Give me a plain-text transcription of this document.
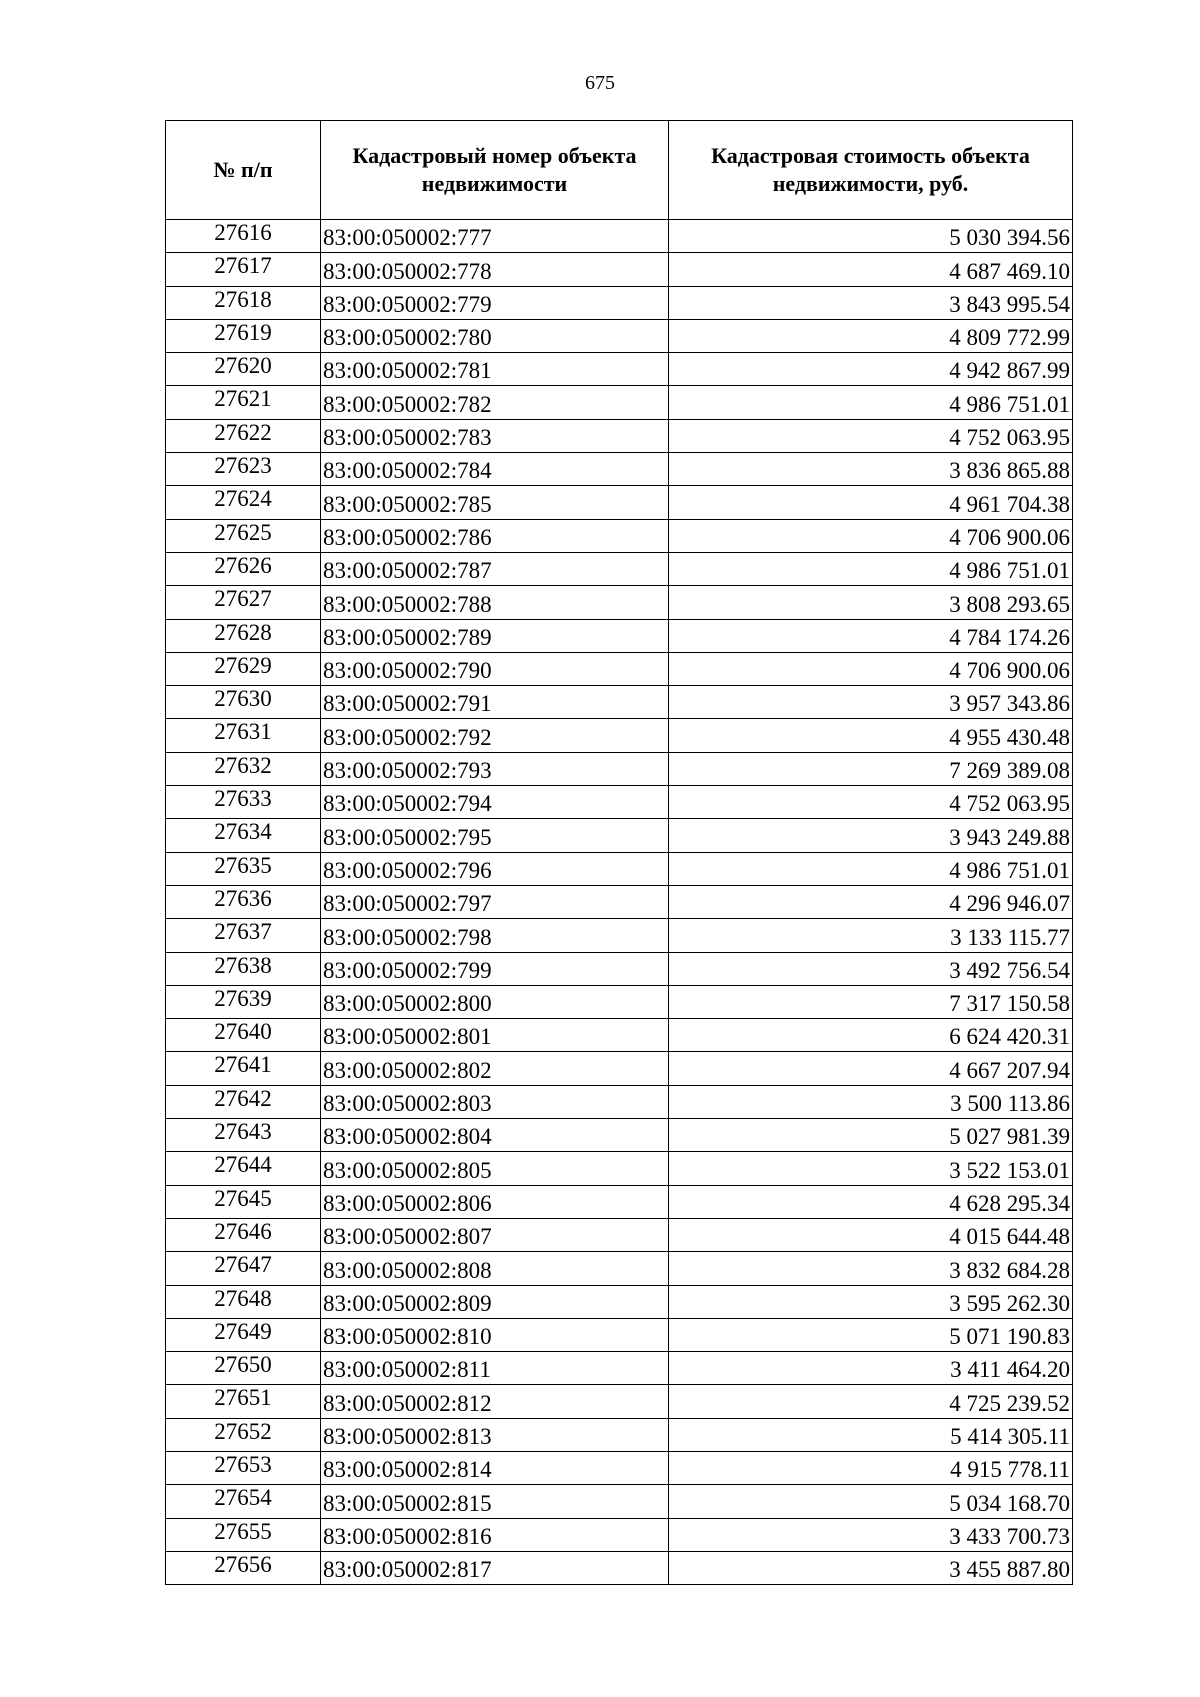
675
№ п/п	Кадастровый номер объекта недвижимости	Кадастровая стоимость объекта недвижимости, руб.
27616	83:00:050002:777	5 030 394.56
27617	83:00:050002:778	4 687 469.10
27618	83:00:050002:779	3 843 995.54
27619	83:00:050002:780	4 809 772.99
27620	83:00:050002:781	4 942 867.99
27621	83:00:050002:782	4 986 751.01
27622	83:00:050002:783	4 752 063.95
27623	83:00:050002:784	3 836 865.88
27624	83:00:050002:785	4 961 704.38
27625	83:00:050002:786	4 706 900.06
27626	83:00:050002:787	4 986 751.01
27627	83:00:050002:788	3 808 293.65
27628	83:00:050002:789	4 784 174.26
27629	83:00:050002:790	4 706 900.06
27630	83:00:050002:791	3 957 343.86
27631	83:00:050002:792	4 955 430.48
27632	83:00:050002:793	7 269 389.08
27633	83:00:050002:794	4 752 063.95
27634	83:00:050002:795	3 943 249.88
27635	83:00:050002:796	4 986 751.01
27636	83:00:050002:797	4 296 946.07
27637	83:00:050002:798	3 133 115.77
27638	83:00:050002:799	3 492 756.54
27639	83:00:050002:800	7 317 150.58
27640	83:00:050002:801	6 624 420.31
27641	83:00:050002:802	4 667 207.94
27642	83:00:050002:803	3 500 113.86
27643	83:00:050002:804	5 027 981.39
27644	83:00:050002:805	3 522 153.01
27645	83:00:050002:806	4 628 295.34
27646	83:00:050002:807	4 015 644.48
27647	83:00:050002:808	3 832 684.28
27648	83:00:050002:809	3 595 262.30
27649	83:00:050002:810	5 071 190.83
27650	83:00:050002:811	3 411 464.20
27651	83:00:050002:812	4 725 239.52
27652	83:00:050002:813	5 414 305.11
27653	83:00:050002:814	4 915 778.11
27654	83:00:050002:815	5 034 168.70
27655	83:00:050002:816	3 433 700.73
27656	83:00:050002:817	3 455 887.80
